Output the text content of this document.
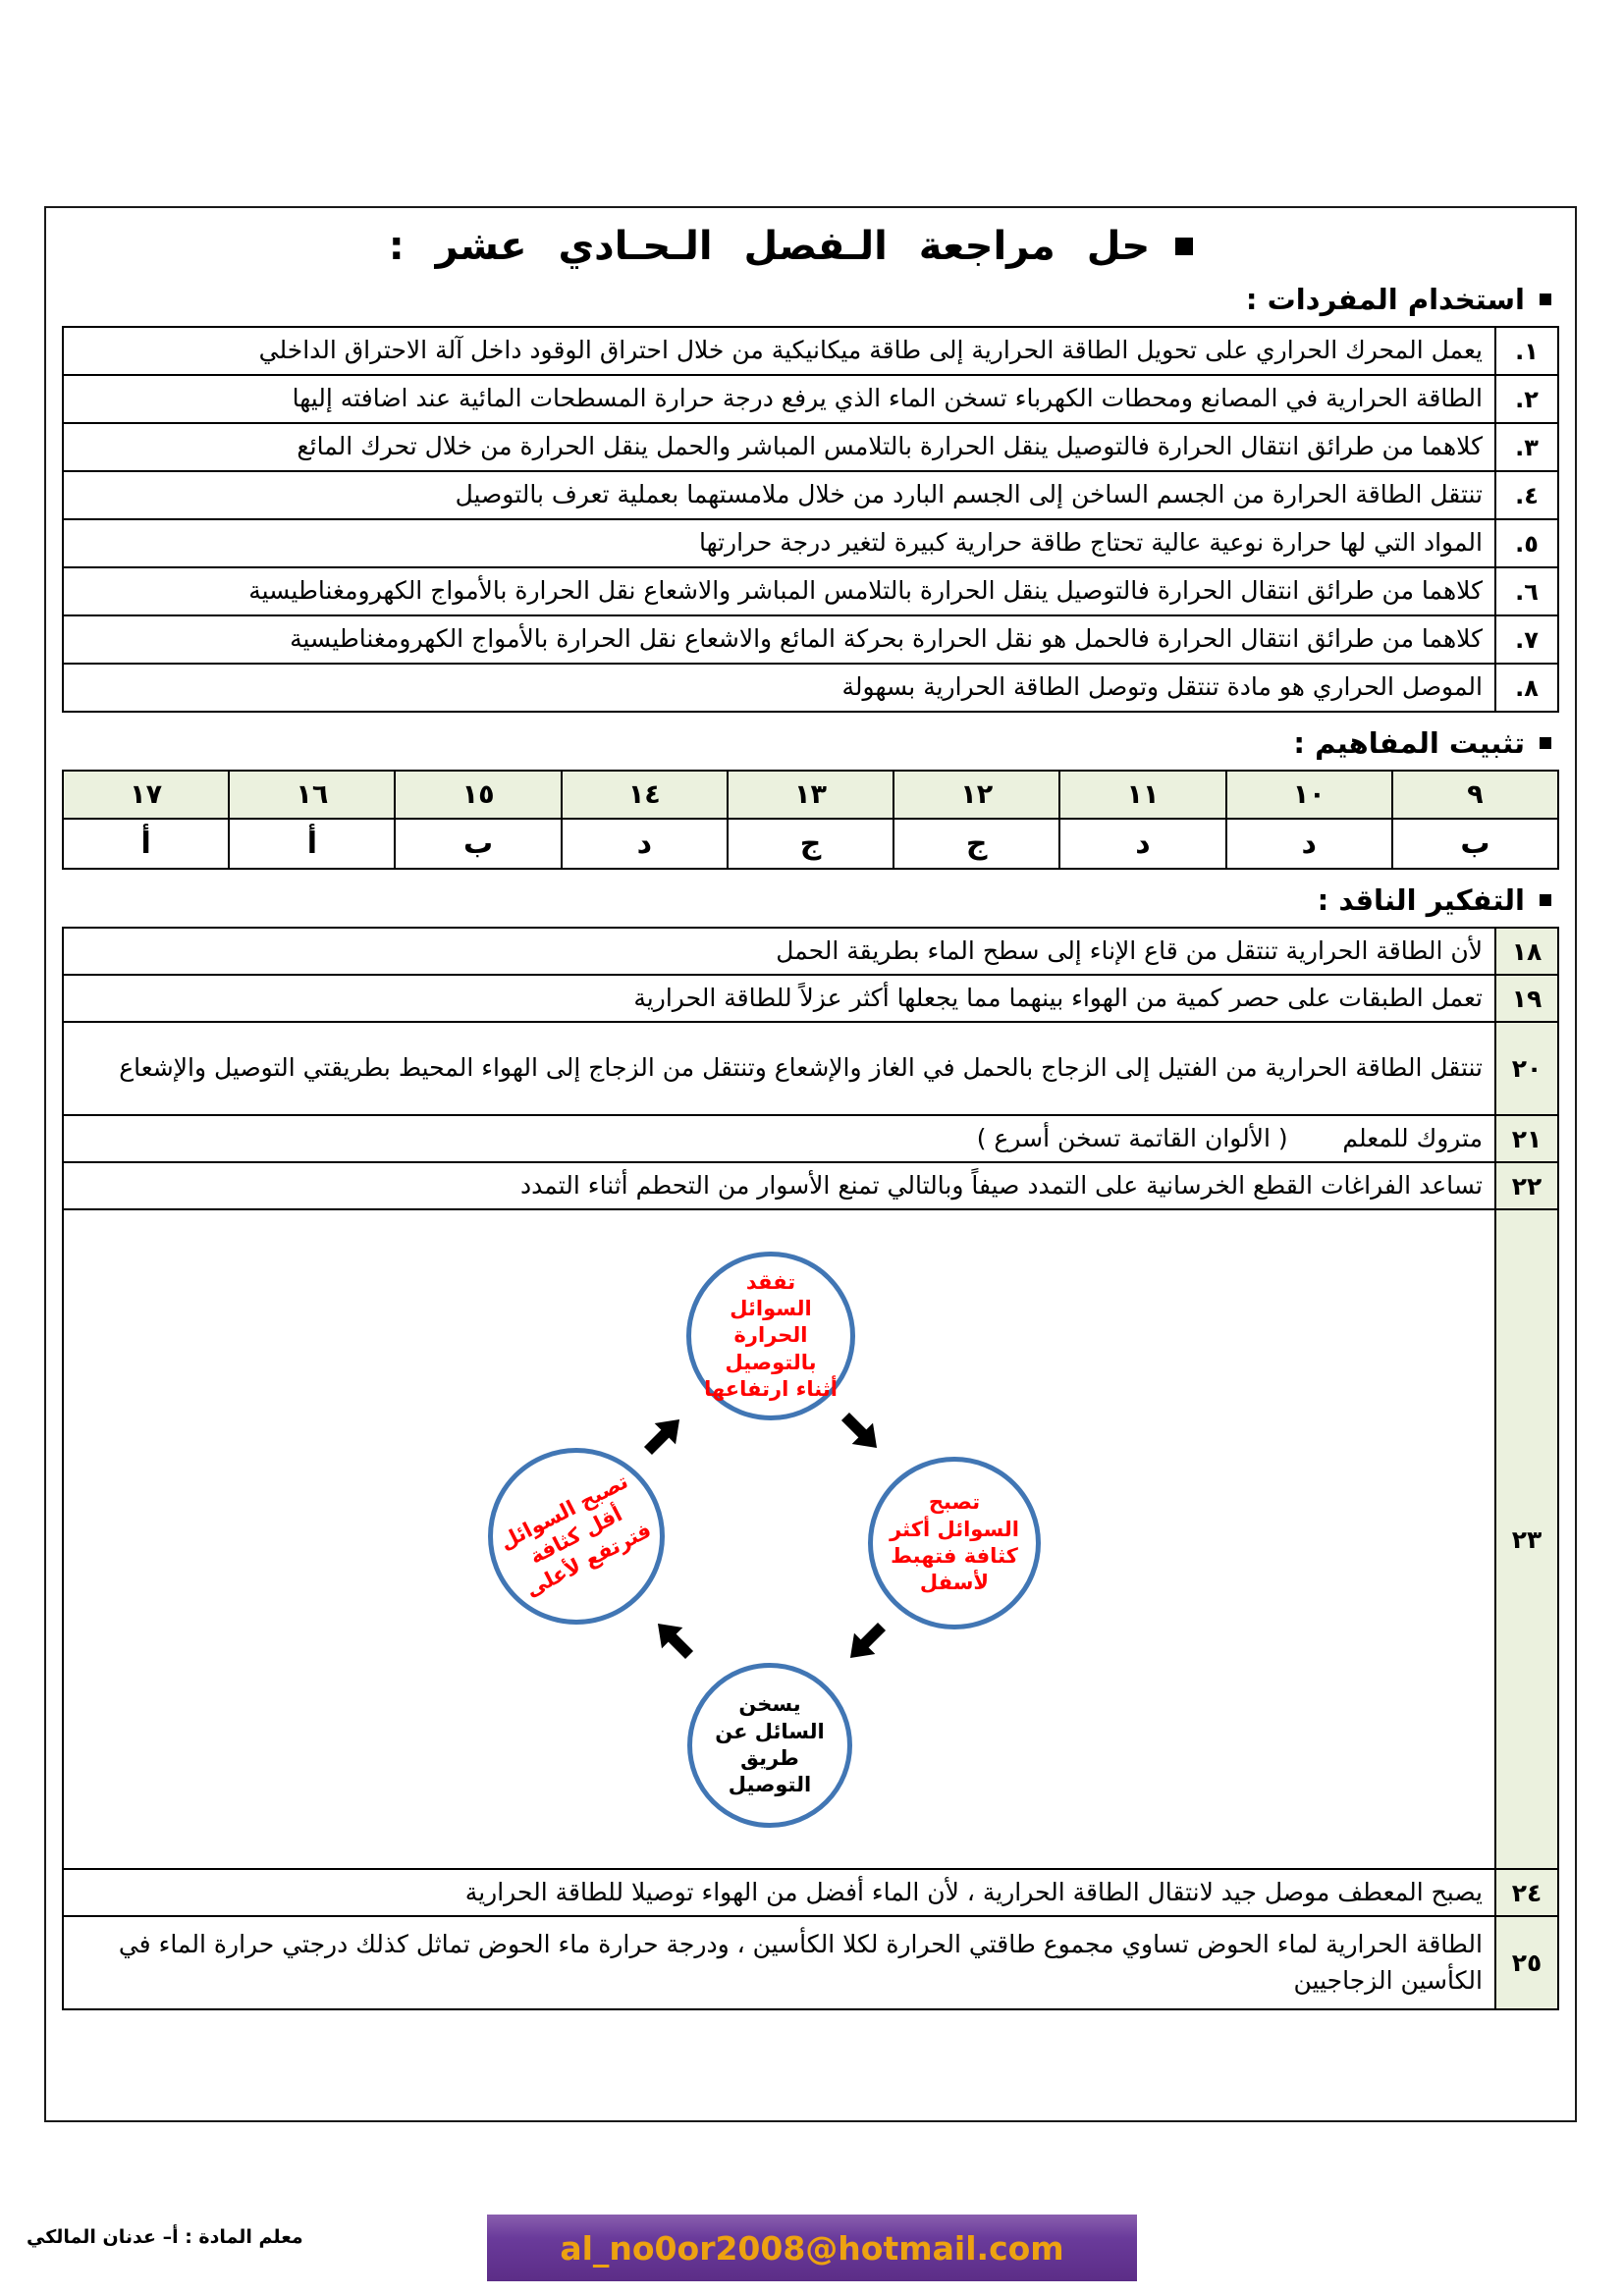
حل مراجعة الـفصل الـحـادي عشر :
استخدام المفردات :
١.	يعمل المحرك الحراري على تحويل الطاقة الحرارية إلى طاقة ميكانيكية من خلال احتراق الوقود داخل آلة الاحتراق الداخلي
٢.	الطاقة الحرارية في المصانع ومحطات الكهرباء تسخن الماء الذي يرفع درجة حرارة المسطحات المائية عند اضافته إليها
٣.	كلاهما من طرائق انتقال الحرارة فالتوصيل ينقل الحرارة بالتلامس المباشر والحمل ينقل الحرارة من خلال تحرك المائع
٤.	تنتقل الطاقة الحرارة من الجسم الساخن إلى الجسم البارد من خلال ملامستهما بعملية تعرف بالتوصيل
٥.	المواد التي لها حرارة نوعية عالية تحتاج طاقة حرارية كبيرة لتغير درجة حرارتها
٦.	كلاهما من طرائق انتقال الحرارة فالتوصيل ينقل الحرارة بالتلامس المباشر والاشعاع نقل الحرارة بالأمواج الكهرومغناطيسية
٧.	كلاهما من طرائق انتقال الحرارة فالحمل هو نقل الحرارة بحركة المائع والاشعاع نقل الحرارة بالأمواج الكهرومغناطيسية
٨.	الموصل الحراري هو مادة تنتقل وتوصل الطاقة الحرارية بسهولة
تثبيت المفاهيم :
٩	١٠	١١	١٢	١٣	١٤	١٥	١٦	١٧
ب	د	د	ج	ج	د	ب	أ	أ
التفكير الناقد :
١٨	لأن الطاقة الحرارية تنتقل من قاع الإناء إلى سطح الماء بطريقة الحمل
١٩	تعمل الطبقات على حصر كمية من الهواء بينهما مما يجعلها أكثر عزلاً للطاقة الحرارية
٢٠	تنتقل الطاقة الحرارية من الفتيل إلى الزجاج بالحمل في الغاز والإشعاع وتنتقل من الزجاج إلى الهواء المحيط بطريقتي التوصيل والإشعاع
٢١	متروك للمعلم       ( الألوان القاتمة تسخن أسرع )
٢٢	تساعد الفراغات القطع الخرسانية على التمدد صيفاً وبالتالي تمنع الأسوار من التحطم أثناء التمدد
٢٣	تفقد السوائل الحرارة بالتوصيل أثناء ارتفاعها
تصبح السوائل أقل كثافة فترتفع لأعلى
تصبح السوائل أكثر كثافة فتهبط لأسفل
يسخن السائل عن طريق التوصيل

٢٤	يصبح المعطف موصل جيد لانتقال الطاقة الحرارية ، لأن الماء أفضل من الهواء توصيلا للطاقة الحرارية
٢٥	الطاقة الحرارية لماء الحوض تساوي مجموع طاقتي الحرارة لكلا الكأسين ، ودرجة حرارة ماء الحوض تماثل كذلك درجتي حرارة الماء في الكأسين الزجاجيين
al_no0or2008@hotmail.com
معلم المادة : أ– عدنان المالكي
